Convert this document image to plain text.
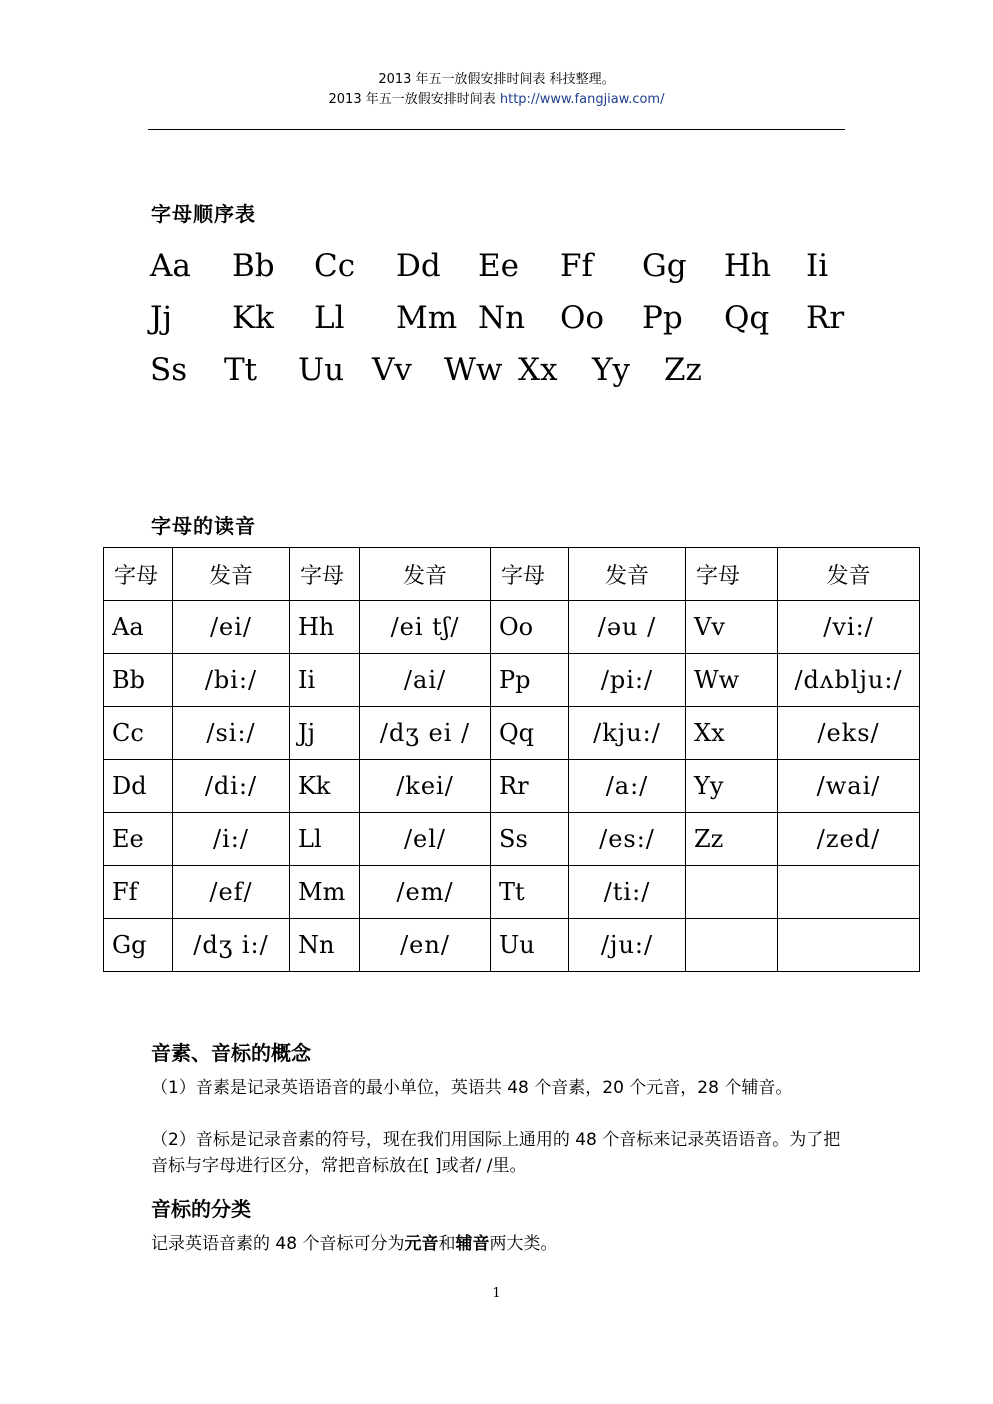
2013 年五一放假安排时间表 科技整理。
2013 年五一放假安排时间表 http://www.fangjiaw.com/
字母顺序表
Aa Bb Cc Dd Ee Ff Gg Hh Ii
Jj Kk Ll Mm Nn Oo Pp Qq Rr
Ss Tt Uu Vv Ww Xx Yy Zz
字母的读音
字母	发音	字母	发音	字母	发音	字母	发音
Aa	/ei/	Hh	/ei tʃ/	Oo	/əu /	Vv	/vi:/
Bb	/bi:/	Ii	/ai/	Pp	/pi:/	Ww	/dʌblju:/
Cc	/si:/	Jj	/dʒ ei /	Qq	/kju:/	Xx	/eks/
Dd	/di:/	Kk	/kei/	Rr	/a:/	Yy	/wai/
Ee	/i:/	Ll	/el/	Ss	/es:/	Zz	/zed/
Ff	/ef/	Mm	/em/	Tt	/ti:/		
Gg	/dʒ i:/	Nn	/en/	Uu	/ju:/		
音素、音标的概念
（1）音素是记录英语语音的最小单位，英语共 48 个音素，20 个元音，28 个辅音。
（2）音标是记录音素的符号，现在我们用国际上通用的 48 个音标来记录英语语音。为了把音标与字母进行区分，常把音标放在[ ]或者/ /里。
音标的分类
记录英语音素的 48 个音标可分为元音和辅音两大类。
1
